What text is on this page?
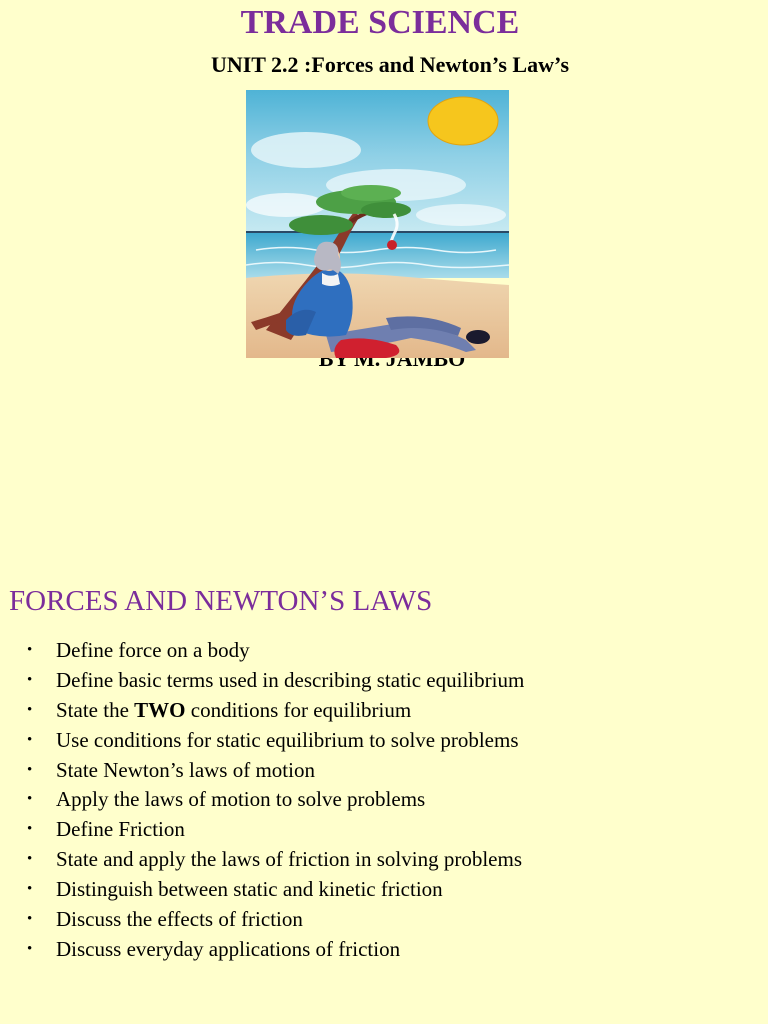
TRADE SCIENCE
UNIT 2.2 :Forces and Newton’s Law’s
FORCES AND NEWTON’S LAWS
• Define force on a body
• Define basic terms used in describing static equilibrium
• State the TWO conditions for equilibrium
• Use conditions for static equilibrium to solve problems
• State Newton’s laws of motion
• Apply the laws of motion to solve problems
• Define Friction
• State and apply the laws of friction in solving problems
• Distinguish between static and kinetic friction
• Discuss the effects of friction
• Discuss everyday applications of friction
